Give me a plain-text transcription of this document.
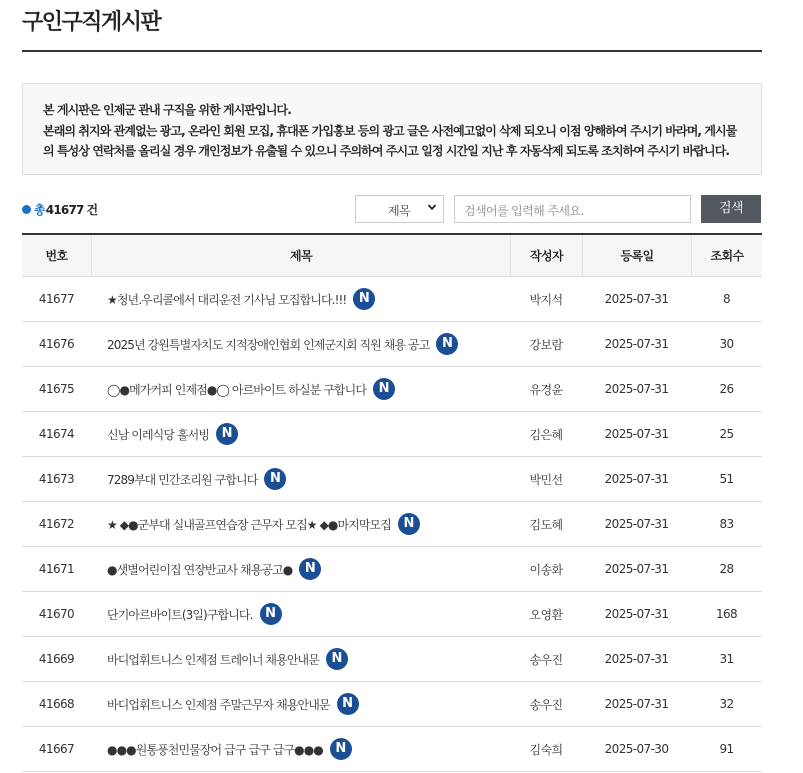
구인구직게시판

본 게시판은 인제군 관내 구직을 위한 게시판입니다.

본래의 취지와 관계없는 광고, 온라인 회원 모집, 휴대폰 가입홍보 등의 광고 글은 사전예고없이 삭제 되오니 이점 양해하여 주시기 바라며, 게시물

의 특성상 연락처를 올리실 경우 개인정보가 유출될 수 있으니 주의하여 주시고 일정 시간일 지난 후 자동삭제 되도록 조치하여 주시기 바랍니다.

총 41677 건	제목	검색어를 입력해 주세요.	검색
번호	제목	작성자	등록일	조회수
41677	★청년.우리콜에서 대리운전 기사님 모집합니다.!!! N	박지석	2025-07-31	8
41676	2025년 강원특별자치도 지적장애인협회 인제군지회 직원 채용 공고 N	강보람	2025-07-31	30
41675	◯●메가커피 인제점●◯ 아르바이트 하실분 구합니다 N	유경윤	2025-07-31	26
41674	신남 이레식당 홀서빙 N	김은혜	2025-07-31	25
41673	7289부대 민간조리원 구합니다 N	박민선	2025-07-31	51
41672	★ ◆●군부대 실내골프연습장 근무자 모집★ ◆●마지막모집 N	김도혜	2025-07-31	83
41671	●샛별어린이집 연장반교사 채용공고● N	이송화	2025-07-31	28
41670	단기아르바이트(3일)구합니다. N	오영환	2025-07-31	168
41669	바디업휘트니스 인제점 트레이너 채용안내문 N	송우진	2025-07-31	31
41668	바디업휘트니스 인제점 주말근무자 채용안내문 N	송우진	2025-07-31	32
41667	●●●원통풍천민물장어 급구 급구 급구●●● N	김숙희	2025-07-30	91
